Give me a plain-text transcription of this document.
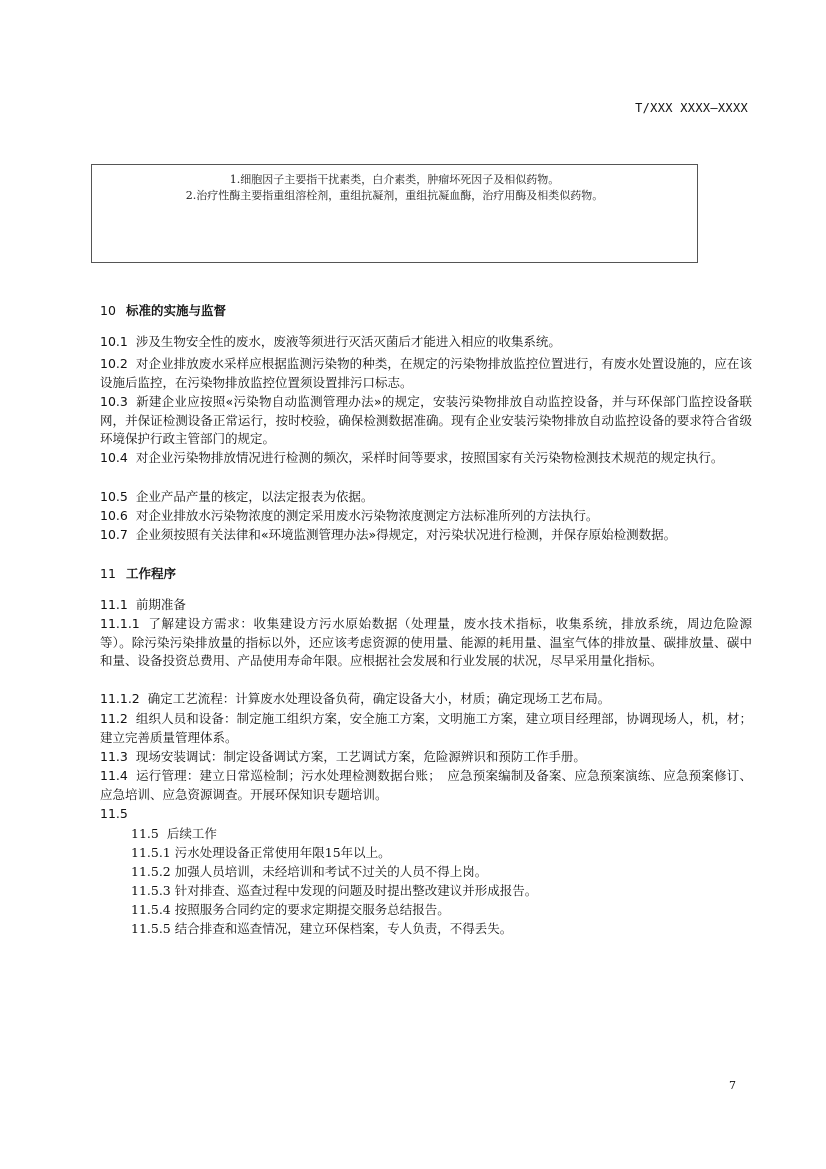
T/XXX XXXX—XXXX
1.细胞因子主要指干扰素类，白介素类，肿瘤坏死因子及相似药物。
2.治疗性酶主要指重组溶栓剂，重组抗凝剂，重组抗凝血酶，治疗用酶及相类似药物。
10 标准的实施与监督
10.1 涉及生物安全性的废水，废液等须进行灭活灭菌后才能进入相应的收集系统。
10.2 对企业排放废水采样应根据监测污染物的种类，在规定的污染物排放监控位置进行，有废水处置设施的，应在该设施后监控，在污染物排放监控位置须设置排污口标志。
10.3 新建企业应按照«污染物自动监测管理办法»的规定，安装污染物排放自动监控设备，并与环保部门监控设备联网，并保证检测设备正常运行，按时校验，确保检测数据准确。现有企业安装污染物排放自动监控设备的要求符合省级环境保护行政主管部门的规定。
10.4 对企业污染物排放情况进行检测的频次，采样时间等要求，按照国家有关污染物检测技术规范的规定执行。
10.5 企业产品产量的核定，以法定报表为依据。
10.6 对企业排放水污染物浓度的测定采用废水污染物浓度测定方法标准所列的方法执行。
10.7 企业须按照有关法律和«环境监测管理办法»得规定，对污染状况进行检测，并保存原始检测数据。
11 工作程序
11.1 前期准备
11.1.1 了解建设方需求：收集建设方污水原始数据（处理量，废水技术指标，收集系统，排放系统，周边危险源等）。除污染污染排放量的指标以外，还应该考虑资源的使用量、能源的耗用量、温室气体的排放量、碳排放量、碳中和量、设备投资总费用、产品使用寿命年限。应根据社会发展和行业发展的状况，尽早采用量化指标。
11.1.2 确定工艺流程：计算废水处理设备负荷，确定设备大小，材质；确定现场工艺布局。
11.2 组织人员和设备：制定施工组织方案，安全施工方案，文明施工方案，建立项目经理部，协调现场人，机，材；建立完善质量管理体系。
11.3 现场安装调试：制定设备调试方案，工艺调试方案，危险源辨识和预防工作手册。
11.4 运行管理：建立日常巡检制；污水处理检测数据台账；　应急预案编制及备案、应急预案演练、应急预案修订、应急培训、应急资源调查。开展环保知识专题培训。
11.5
11.5 后续工作
11.5.1 污水处理设备正常使用年限15年以上。
11.5.2 加强人员培训，未经培训和考试不过关的人员不得上岗。
11.5.3 针对排查、巡查过程中发现的问题及时提出整改建议并形成报告。
11.5.4 按照服务合同约定的要求定期提交服务总结报告。
11.5.5 结合排查和巡查情况，建立环保档案，专人负责，不得丢失。
7
